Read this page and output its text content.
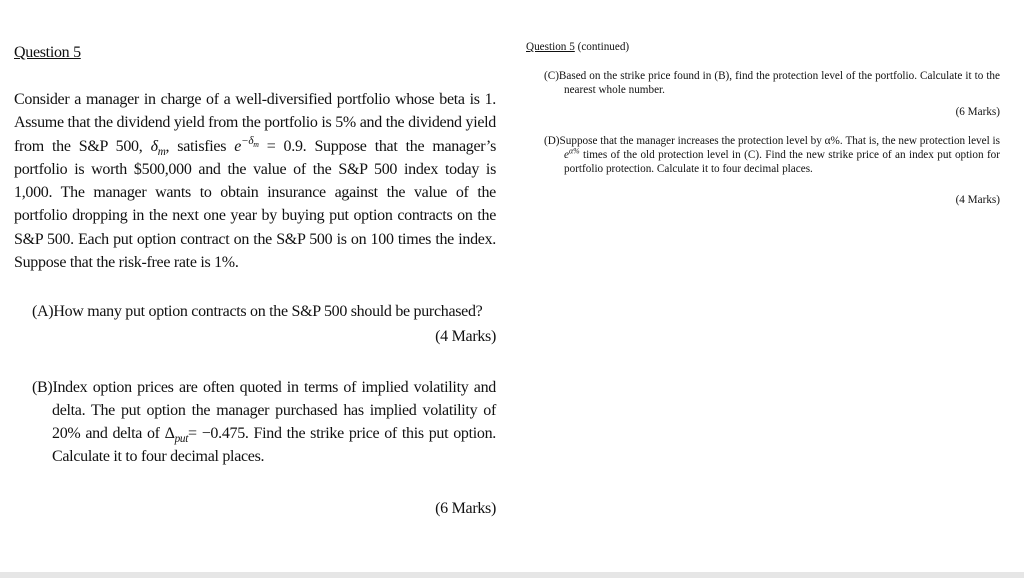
Question 5

Consider a manager in charge of a well-diversified portfolio whose beta is 1. Assume that the dividend yield from the portfolio is 5% and the dividend yield from the S&P 500, $\delta_m$, satisfies $e^{-\delta_m} = 0.9$. Suppose that the manager’s portfolio is worth $500,000 and the value of the S&P 500 index today is 1,000. The manager wants to obtain insurance against the value of the portfolio dropping in the next one year by buying put option contracts on the S&P 500. Each put option contract on the S&P 500 is on 100 times the index. Suppose that the risk-free rate is 1%.

(A)How many put option contracts on the S&P 500 should be purchased?
(4 Marks)
(B)Index option prices are often quoted in terms of implied volatility and delta. The put option the manager purchased has implied volatility of 20% and delta of $\Delta_{put}= -0.475$. Find the strike price of this put option. Calculate it to four decimal places.
(6 Marks)

Question 5 (continued)

(C)Based on the strike price found in (B), find the protection level of the portfolio. Calculate it to the nearest whole number.
(6 Marks)
(D)Suppose that the manager increases the protection level by α%. That is, the new protection level is $e^{\alpha\%}$ times of the old protection level in (C). Find the new strike price of an index put option for portfolio protection. Calculate it to four decimal places.
(4 Marks)
